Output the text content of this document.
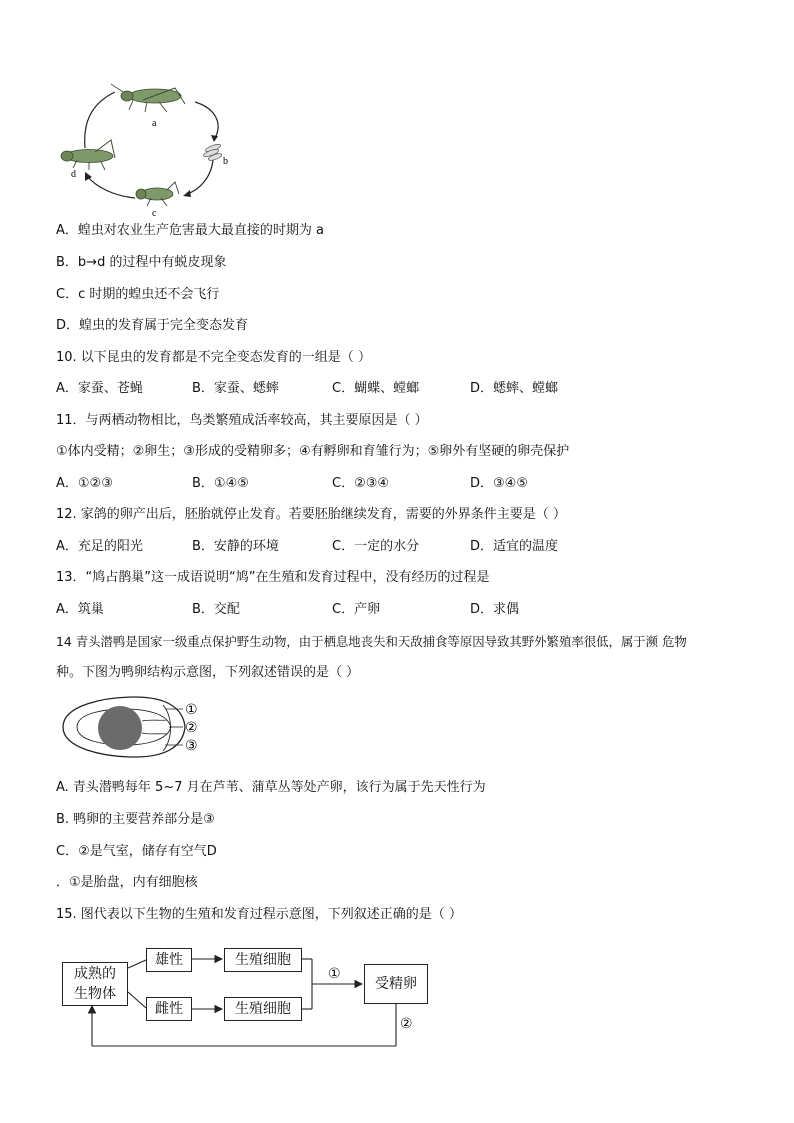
a
b
c
d
A．蝗虫对农业生产危害最大最直接的时期为 a
B．b→d 的过程中有蜕皮现象
C．c 时期的蝗虫还不会飞行
D．蝗虫的发育属于完全变态发育
10. 以下昆虫的发育都是不完全变态发育的一组是（ ）
A．家蚕、苍蝇	B．家蚕、蟋蟀	C．蝴蝶、螳螂	D．蟋蟀、螳螂
11．与两栖动物相比，鸟类繁殖成活率较高，其主要原因是（ ）
①体内受精；②卵生；③形成的受精卵多；④有孵卵和育雏行为；⑤卵外有坚硬的卵壳保护
A．①②③	B．①④⑤	C．②③④	D．③④⑤
12. 家鸽的卵产出后，胚胎就停止发育。若要胚胎继续发育，需要的外界条件主要是（ ）
A．充足的阳光	B．安静的环境	C．一定的水分	D．适宜的温度
13．“鸠占鹊巢”这一成语说明“鸠”在生殖和发育过程中，没有经历的过程是
A．筑巢	B．交配	C．产卵	D．求偶
14 青头潜鸭是国家一级重点保护野生动物，由于栖息地丧失和天敌捕食等原因导致其野外繁殖率很低，属于濒 危物
种。下图为鸭卵结构示意图，下列叙述错误的是（ ）
①
②
③
A. 青头潜鸭每年 5~7 月在芦苇、蒲草丛等处产卵，该行为属于先天性行为
B. 鸭卵的主要营养部分是③
C．②是气室，储存有空气D
．①是胎盘，内有细胞核
15. 图代表以下生物的生殖和发育过程示意图，下列叙述正确的是（ ）
成熟的
生物体
雄性
雌性
生殖细胞
生殖细胞
受精卵
①
②
